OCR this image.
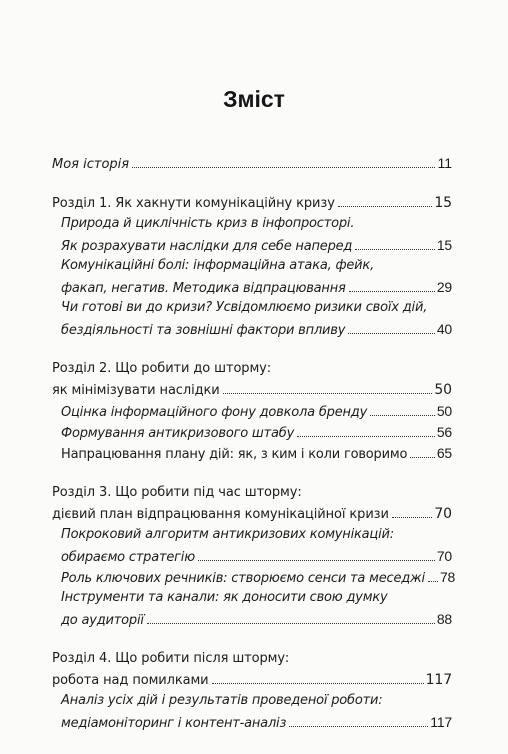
Зміст
Моя історія	11
Розділ 1. Як хакнути комунікаційну кризу	15
Природа й циклічність криз в інфопросторі.
Як розрахувати наслідки для себе наперед	15
Комунікаційні болі: інформаційна атака, фейк,
факап, негатив. Методика відпрацювання	29
Чи готові ви до кризи? Усвідомлюємо ризики своїх дій,
бездіяльності та зовнішні фактори впливу	40
Розділ 2. Що робити до шторму:
як мінімізувати наслідки	50
Оцінка інформаційного фону довкола бренду	50
Формування антикризового штабу	56
Напрацювання плану дій: як, з ким і коли говоримо 65
Розділ 3. Що робити під час шторму:
дієвий план відпрацювання комунікаційної кризи	70
Покроковий алгоритм антикризових комунікацій:
обираємо стратегію	70
Роль ключових речників: створюємо сенси та меседжі 78
Інструменти та канали: як доносити свою думку
до аудиторії	88
Розділ 4. Що робити після шторму:
робота над помилками	117
Аналіз усіх дій і результатів проведеної роботи:
медіамоніторинг і контент-аналіз	117
